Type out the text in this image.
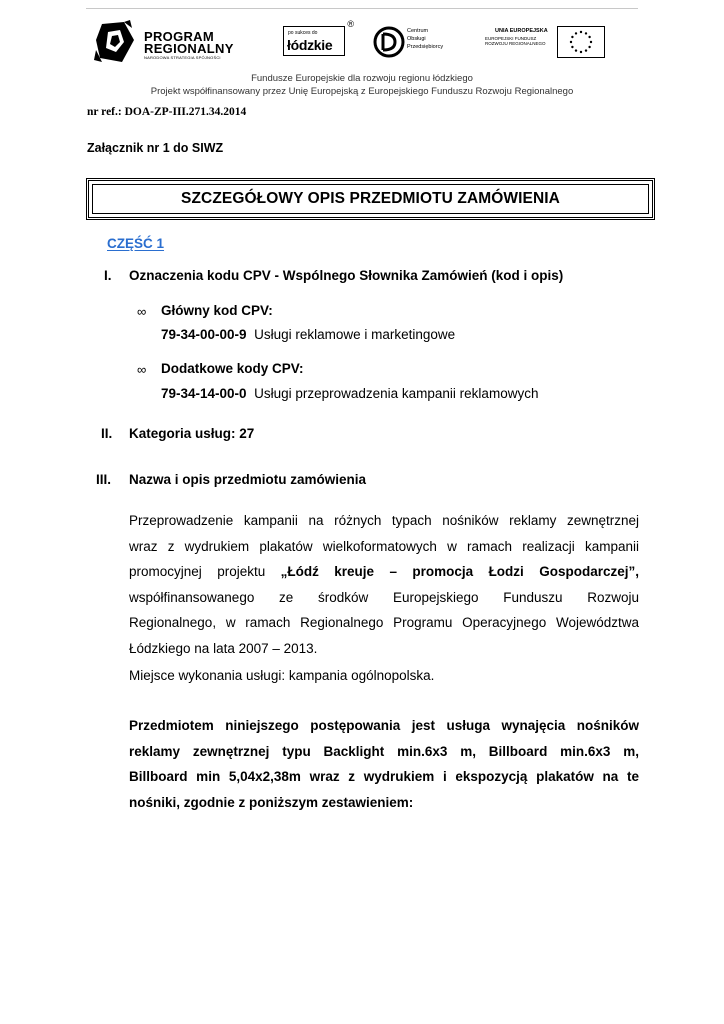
PROGRAM
REGIONALNY
NARODOWA STRATEGIA SPÓJNOŚCI
po sukces do
łódzkie
®
Centrum
Obsługi
Przedsiębiorcy
UNIA EUROPEJSKA
EUROPEJSKI FUNDUSZ
ROZWOJU REGIONALNEGO
Fundusze Europejskie dla rozwoju regionu łódzkiego
Projekt współfinansowany przez Unię Europejską z Europejskiego Funduszu Rozwoju Regionalnego
nr ref.: DOA-ZP-III.271.34.2014
Załącznik nr 1 do SIWZ
SZCZEGÓŁOWY OPIS PRZEDMIOTU ZAMÓWIENIA
CZĘŚĆ 1
I. Oznaczenia kodu CPV - Wspólnego Słownika Zamówień (kod i opis)
∞ Główny kod CPV:
79-34-00-00-9 Usługi reklamowe i marketingowe
∞ Dodatkowe kody CPV:
79-34-14-00-0 Usługi przeprowadzenia kampanii reklamowych
II. Kategoria usług: 27
III. Nazwa i opis przedmiotu zamówienia
Przeprowadzenie kampanii na różnych typach nośników reklamy zewnętrznej
wraz z wydrukiem plakatów wielkoformatowych w ramach realizacji kampanii
promocyjnej projektu „Łódź kreuje – promocja Łodzi Gospodarczej”,
współfinansowanego ze środków Europejskiego Funduszu Rozwoju
Regionalnego, w ramach Regionalnego Programu Operacyjnego Województwa
Łódzkiego na lata 2007 – 2013.
Miejsce wykonania usługi: kampania ogólnopolska.
Przedmiotem niniejszego postępowania jest usługa wynajęcia nośników
reklamy zewnętrznej typu Backlight min.6x3 m, Billboard min.6x3 m,
Billboard min 5,04x2,38m wraz z wydrukiem i ekspozycją plakatów na te
nośniki, zgodnie z poniższym zestawieniem:
